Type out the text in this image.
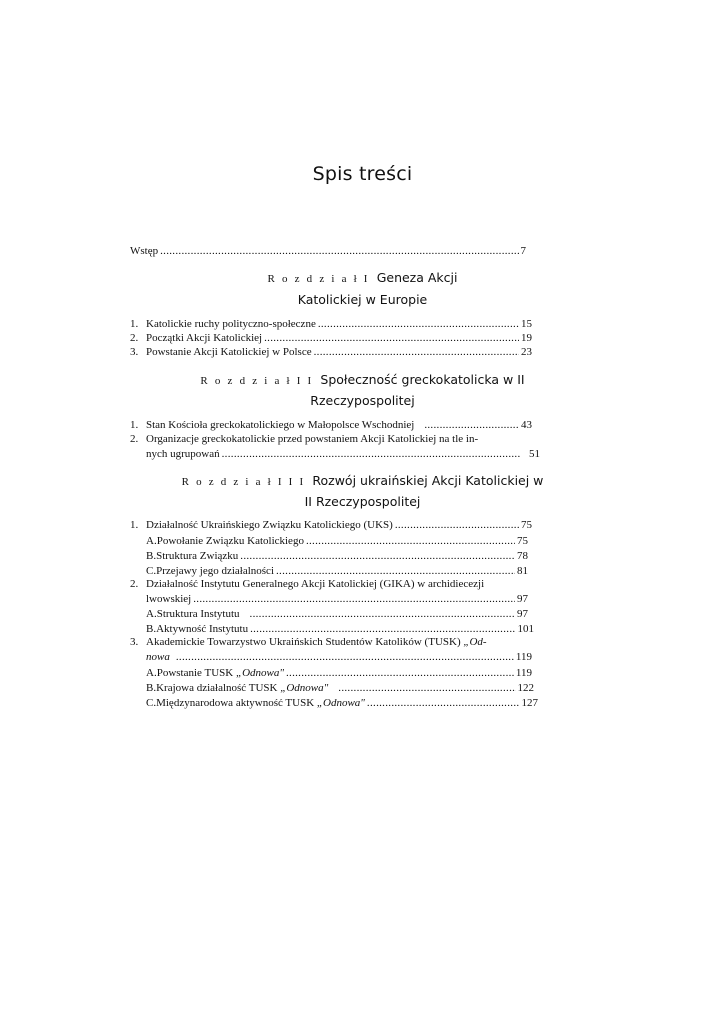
Spis treści
Wstęp .....	7
R o z d z i a ł I Geneza Akcji
Katolickiej w Europie
1. Katolickie ruchy polityczno-społeczne .....	15
2. Początki Akcji Katolickiej .....	19
3. Powstanie Akcji Katolickiej w Polsce .....	23
R o z d z i a ł I I Społeczność greckokatolicka w II
Rzeczypospolitej
1. Stan Kościoła greckokatolickiego w Małopolsce Wschodniej .....	43
2. Organizacje greckokatolickie przed powstaniem Akcji Katolickiej na tle in-
nych ugrupowań .....	51
R o z d z i a ł I I I Rozwój ukraińskiej Akcji Katolickiej w
II Rzeczypospolitej
1. Działalność Ukraińskiego Związku Katolickiego (UKS) .....	75
A. Powołanie Związku Katolickiego .....	75
B. Struktura Związku .....	78
C. Przejawy jego działalności .....	81
2. Działalność Instytutu Generalnego Akcji Katolickiej (GIKA) w archidiecezji
lwowskiej .....	97
A. Struktura Instytutu .....	97
B. Aktywność Instytutu .....	101
3. Akademickie Towarzystwo Ukraińskich Studentów Katolików (TUSK) „Od-
nowa .....	119
A. Powstanie TUSK „Odnowa" .....	119
B. Krajowa działalność TUSK „Odnowa" .....	122
C. Międzynarodowa aktywność TUSK „Odnowa" .....	127
